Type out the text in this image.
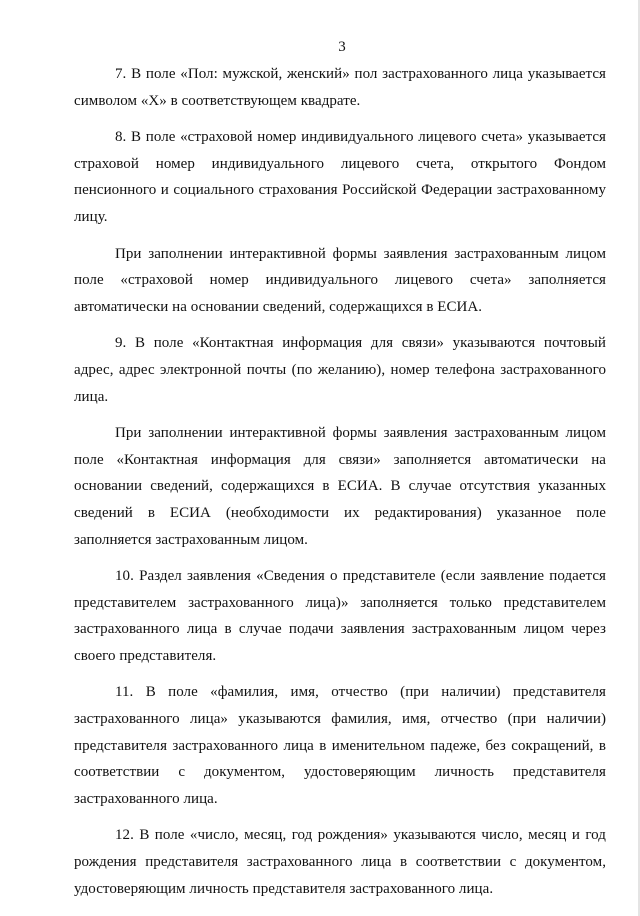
3

7. В поле «Пол: мужской, женский» пол застрахованного лица указывается символом «Х» в соответствующем квадрате.

8. В поле «страховой номер индивидуального лицевого счета» указывается страховой номер индивидуального лицевого счета, открытого Фондом пенсионного и социального страхования Российской Федерации застрахованному лицу.

При заполнении интерактивной формы заявления застрахованным лицом поле «страховой номер индивидуального лицевого счета» заполняется автоматически на основании сведений, содержащихся в ЕСИА.

9. В поле «Контактная информация для связи» указываются почтовый адрес, адрес электронной почты (по желанию), номер телефона застрахованного лица.

При заполнении интерактивной формы заявления застрахованным лицом поле «Контактная информация для связи» заполняется автоматически на основании сведений, содержащихся в ЕСИА. В случае отсутствия указанных сведений в ЕСИА (необходимости их редактирования) указанное поле заполняется застрахованным лицом.

10. Раздел заявления «Сведения о представителе (если заявление подается представителем застрахованного лица)» заполняется только представителем застрахованного лица в случае подачи заявления застрахованным лицом через своего представителя.

11. В поле «фамилия, имя, отчество (при наличии) представителя застрахованного лица» указываются фамилия, имя, отчество (при наличии) представителя застрахованного лица в именительном падеже, без сокращений, в соответствии с документом, удостоверяющим личность представителя застрахованного лица.

12. В поле «число, месяц, год рождения» указываются число, месяц и год рождения представителя застрахованного лица в соответствии с документом, удостоверяющим личность представителя застрахованного лица.
